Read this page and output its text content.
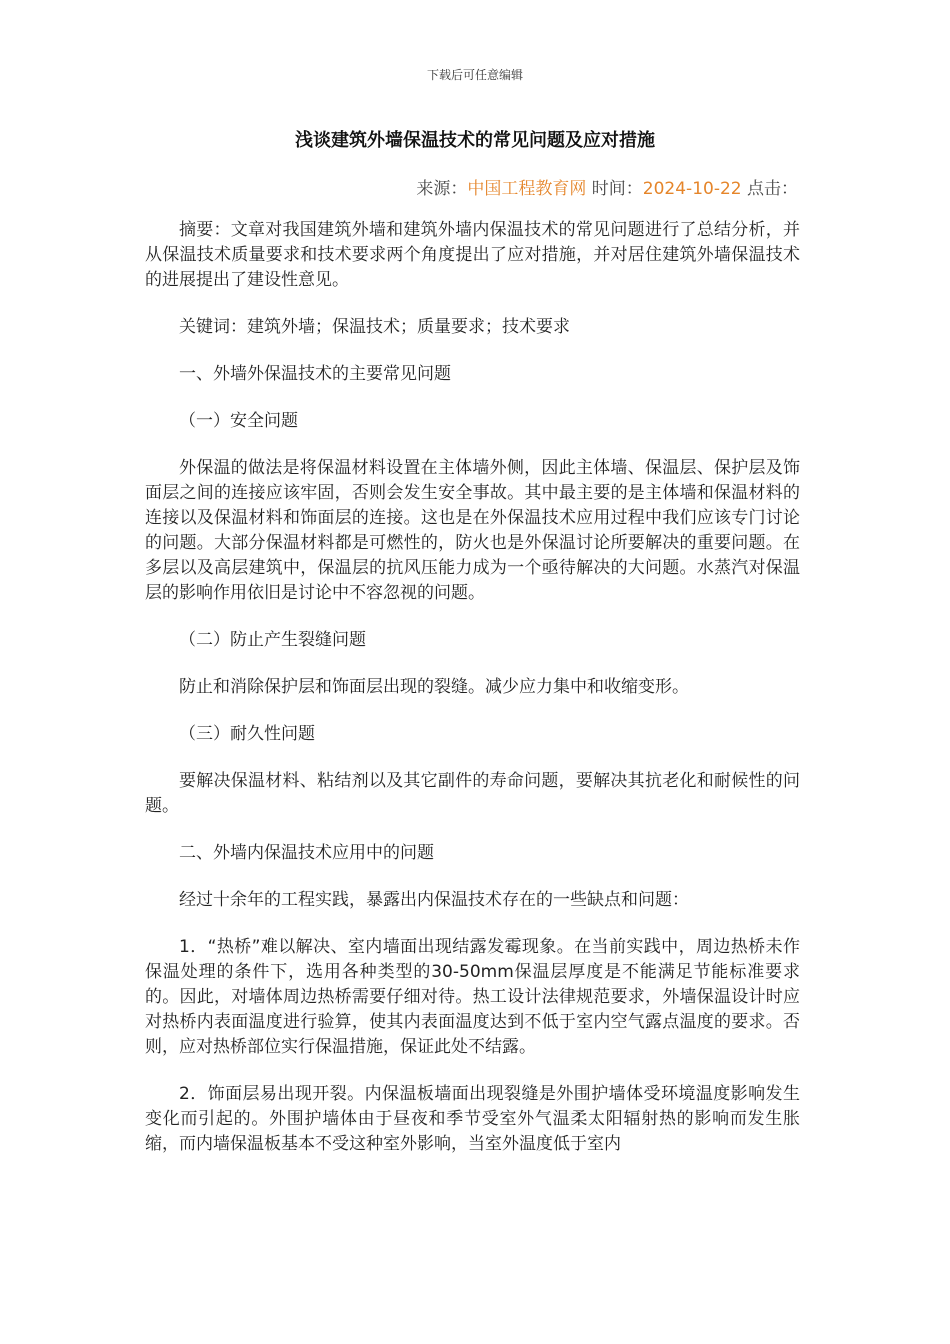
下载后可任意编辑
浅谈建筑外墙保温技术的常见问题及应对措施
来源：中国工程教育网 时间：2024-10-22 点击：

摘要：文章对我国建筑外墙和建筑外墙内保温技术的常见问题进行了总结分析，并从保温技术质量要求和技术要求两个角度提出了应对措施，并对居住建筑外墙保温技术的进展提出了建设性意见。

关键词：建筑外墙；保温技术；质量要求；技术要求

一、外墙外保温技术的主要常见问题

（一）安全问题

外保温的做法是将保温材料设置在主体墙外侧，因此主体墙、保温层、保护层及饰面层之间的连接应该牢固，否则会发生安全事故。其中最主要的是主体墙和保温材料的连接以及保温材料和饰面层的连接。这也是在外保温技术应用过程中我们应该专门讨论的问题。大部分保温材料都是可燃性的，防火也是外保温讨论所要解决的重要问题。在多层以及高层建筑中，保温层的抗风压能力成为一个亟待解决的大问题。水蒸汽对保温层的影响作用依旧是讨论中不容忽视的问题。

（二）防止产生裂缝问题

防止和消除保护层和饰面层出现的裂缝。减少应力集中和收缩变形。

（三）耐久性问题

要解决保温材料、粘结剂以及其它副件的寿命问题，要解决其抗老化和耐候性的问题。

二、外墙内保温技术应用中的问题

经过十余年的工程实践，暴露出内保温技术存在的一些缺点和问题：

1．“热桥”难以解决、室内墙面出现结露发霉现象。在当前实践中，周边热桥未作保温处理的条件下，选用各种类型的30-50mm保温层厚度是不能满足节能标准要求的。因此，对墙体周边热桥需要仔细对待。热工设计法律规范要求，外墙保温设计时应对热桥内表面温度进行验算，使其内表面温度达到不低于室内空气露点温度的要求。否则，应对热桥部位实行保温措施，保证此处不结露。

2．饰面层易出现开裂。内保温板墙面出现裂缝是外围护墙体受环境温度影响发生变化而引起的。外围护墙体由于昼夜和季节受室外气温柔太阳辐射热的影响而发生胀缩，而内墙保温板基本不受这种室外影响，当室外温度低于室内
